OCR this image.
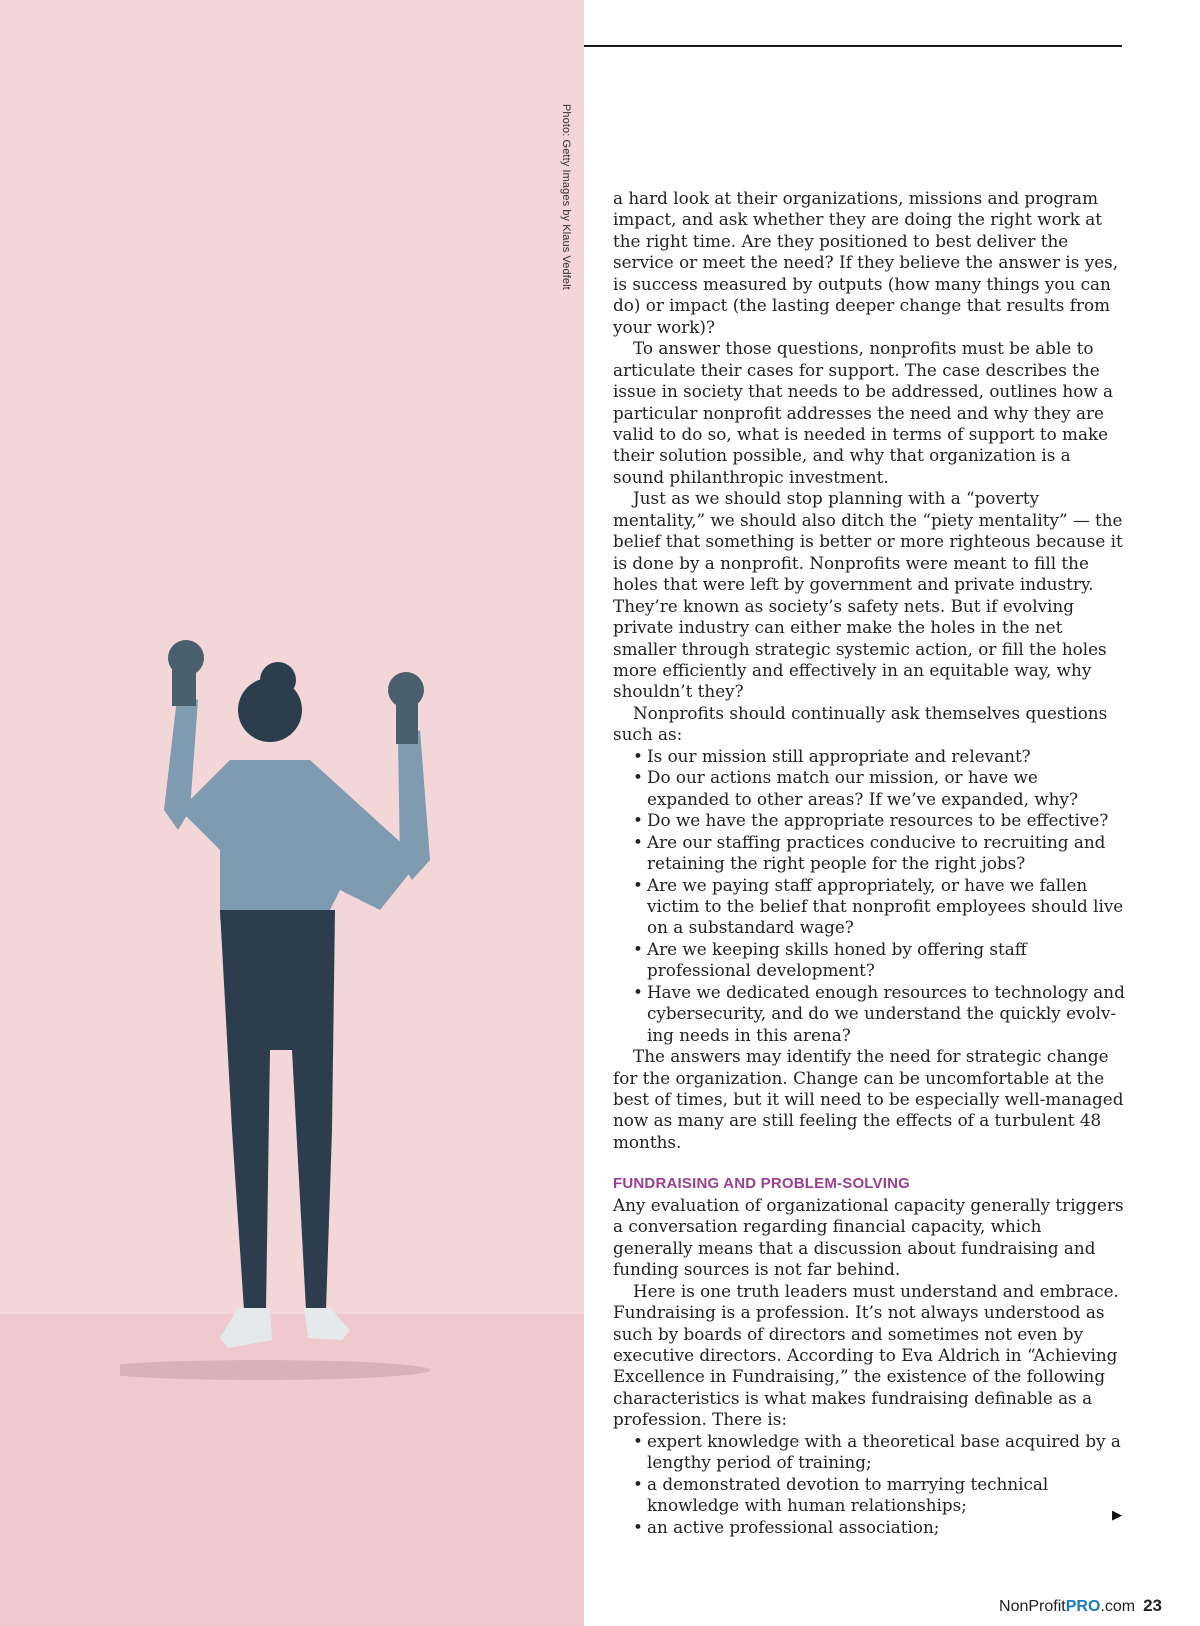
Photo: Getty Images by Klaus Vedfelt a hard look at their organizations, missions and program impact, and ask whether they are doing the right work at the right time. Are they positioned to best deliver the service or meet the need? If they believe the answer is yes, is success measured by outputs (how many things you can do) or impact (the lasting deeper change that results from your work)?

To answer those questions, nonprofits must be able to articulate their cases for support. The case describes the issue in society that needs to be addressed, outlines how a particular nonprofit addresses the need and why they are valid to do so, what is needed in terms of support to make their solution possible, and why that organization is a sound philanthropic investment.

Just as we should stop planning with a “poverty mentality,” we should also ditch the “piety mentality” — the belief that something is better or more righteous because it is done by a nonprofit. Nonprofits were meant to fill the holes that were left by government and private industry. They’re known as society’s safety nets. But if evolving private industry can either make the holes in the net smaller through strategic systemic action, or fill the holes more efficiently and effectively in an equitable way, why shouldn’t they?

Nonprofits should continually ask themselves questions such as:

• Is our mission still appropriate and relevant?
• Do our actions match our mission, or have we expanded to other areas? If we’ve expanded, why?
• Do we have the appropriate resources to be effective?
• Are our staffing practices conducive to recruiting and retaining the right people for the right jobs?
• Are we paying staff appropriately, or have we fallen victim to the belief that nonprofit employees should live on a substandard wage?
• Are we keeping skills honed by offering staff professional development?
• Have we dedicated enough resources to technology and cybersecurity, and do we understand the quickly evolv-ing needs in this arena?

The answers may identify the need for strategic change for the organization. Change can be uncomfortable at the best of times, but it will need to be especially well-managed now as many are still feeling the effects of a turbulent 48 months.

FUNDRAISING AND PROBLEM-SOLVING

Any evaluation of organizational capacity generally triggers a conversation regarding financial capacity, which generally means that a discussion about fundraising and funding sources is not far behind.

Here is one truth leaders must understand and embrace. Fundraising is a profession. It’s not always understood as such by boards of directors and sometimes not even by executive directors. According to Eva Aldrich in “Achieving Excellence in Fundraising,” the existence of the following characteristics is what makes fundraising definable as a profession. There is:

• expert knowledge with a theoretical base acquired by a lengthy period of training;
• a demonstrated devotion to marrying technical knowledge with human relationships;
• an active professional association;
▶
NonProfitPRO.com 23
